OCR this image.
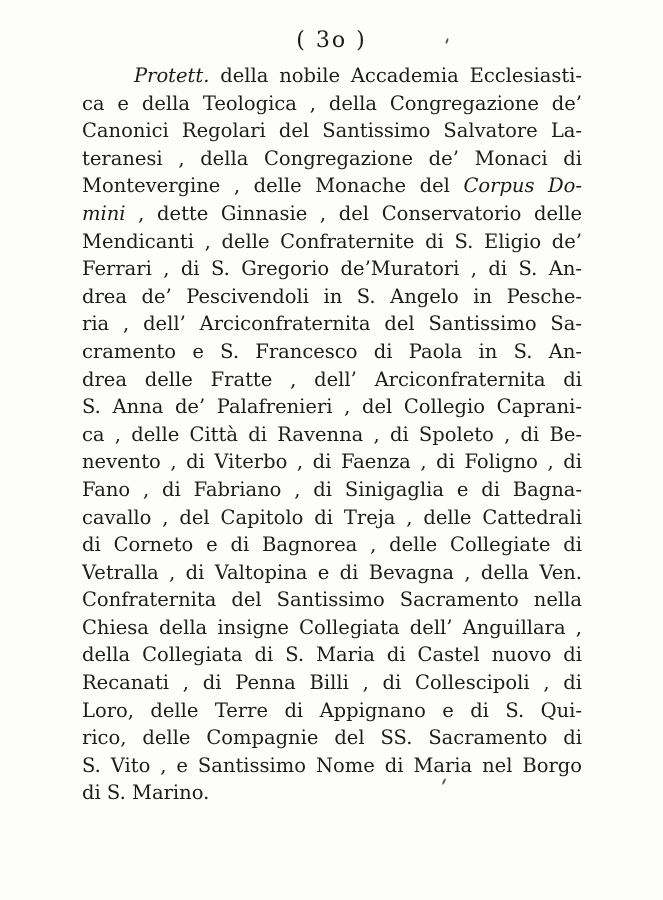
( 3o )
Protett. della nobile Accademia Ecclesiasti-
ca e della Teologica , della Congregazione de’
Canonici Regolari del Santissimo Salvatore La-
teranesi , della Congregazione de’ Monaci di
Montevergine , delle Monache del Corpus Do-
mini , dette Ginnasie , del Conservatorio delle
Mendicanti , delle Confraternite di S. Eligio de’
Ferrari , di S. Gregorio de’Muratori , di S. An-
drea de’ Pescivendoli in S. Angelo in Pesche-
ria , dell’ Arciconfraternita del Santissimo Sa-
cramento e S. Francesco di Paola in S. An-
drea delle Fratte , dell’ Arciconfraternita di
S. Anna de’ Palafrenieri , del Collegio Caprani-
ca , delle Città di Ravenna , di Spoleto , di Be-
nevento , di Viterbo , di Faenza , di Foligno , di
Fano , di Fabriano , di Sinigaglia e di Bagna-
cavallo , del Capitolo di Treja , delle Cattedrali
di Corneto e di Bagnorea , delle Collegiate di
Vetralla , di Valtopina e di Bevagna , della Ven.
Confraternita del Santissimo Sacramento nella
Chiesa della insigne Collegiata dell’ Anguillara ,
della Collegiata di S. Maria di Castel nuovo di
Recanati , di Penna Billi , di Collescipoli , di
Loro, delle Terre di Appignano e di S. Qui-
rico, delle Compagnie del SS. Sacramento di
S. Vito , e Santissimo Nome di Maria nel Borgo
di S. Marino.
